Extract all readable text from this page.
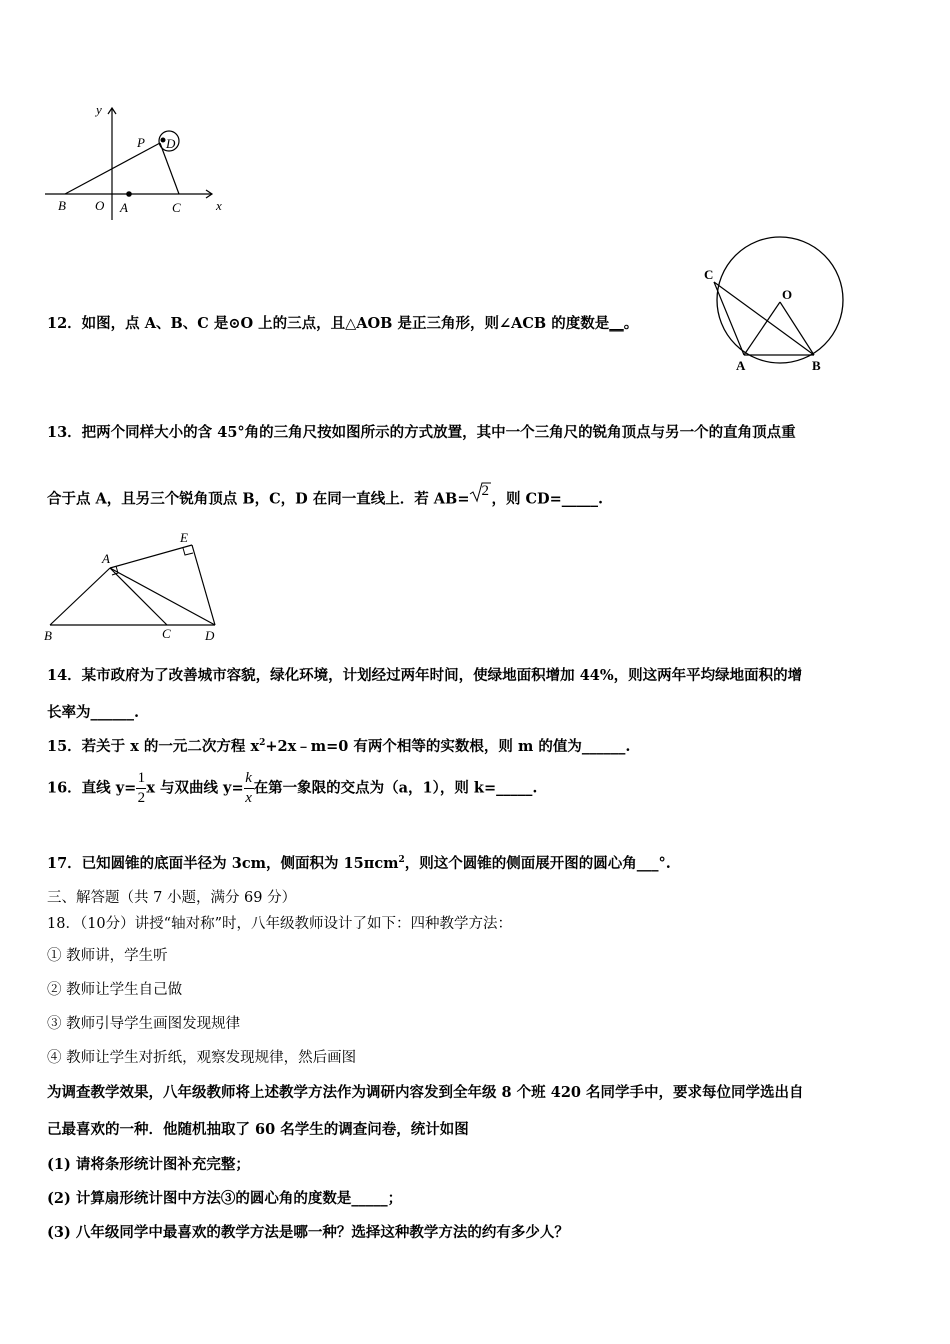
y
x
B O A	C
P D
C
O
A	B
A
E
B	C	D
12．如图，点 A、B、C 是⊙O 上的三点，且△AOB 是正三角形，则∠ACB 的度数是__。
13．把两个同样大小的含 45°角的三角尺按如图所示的方式放置，其中一个三角尺的锐角顶点与另一个的直角顶点重
合于点 A，且另三个锐角顶点 B，C，D 在同一直线上．若 AB= 2 ，则 CD=_____.
14．某市政府为了改善城市容貌，绿化环境，计划经过两年时间，使绿地面积增加 44%，则这两年平均绿地面积的增
长率为______.
15．若关于 x 的一元二次方程 $x^2+2x﹣m=0$ 有两个相等的实数根，则 m 的值为______.
16．直线 $y= \frac{1}{2}$ x 与双曲线 $y= \frac{k}{x}$ 在第一象限的交点为（a，1），则 k=_____.
17．已知圆锥的底面半径为 3cm，侧面积为 15πcm$^2$，则这个圆锥的侧面展开图的圆心角___°.
三、解答题（共 7 小题，满分 69 分）
18．（10分）讲授“轴对称”时，八年级教师设计了如下：四种教学方法：
① 教师讲，学生听
② 教师让学生自己做
③ 教师引导学生画图发现规律
④ 教师让学生对折纸，观察发现规律，然后画图
为调查教学效果，八年级教师将上述教学方法作为调研内容发到全年级 8 个班 420 名同学手中，要求每位同学选出自
己最喜欢的一种．他随机抽取了 60 名学生的调查问卷，统计如图
(1) 请将条形统计图补充完整；
(2) 计算扇形统计图中方法③的圆心角的度数是_____；
(3) 八年级同学中最喜欢的教学方法是哪一种？选择这种教学方法的约有多少人？
